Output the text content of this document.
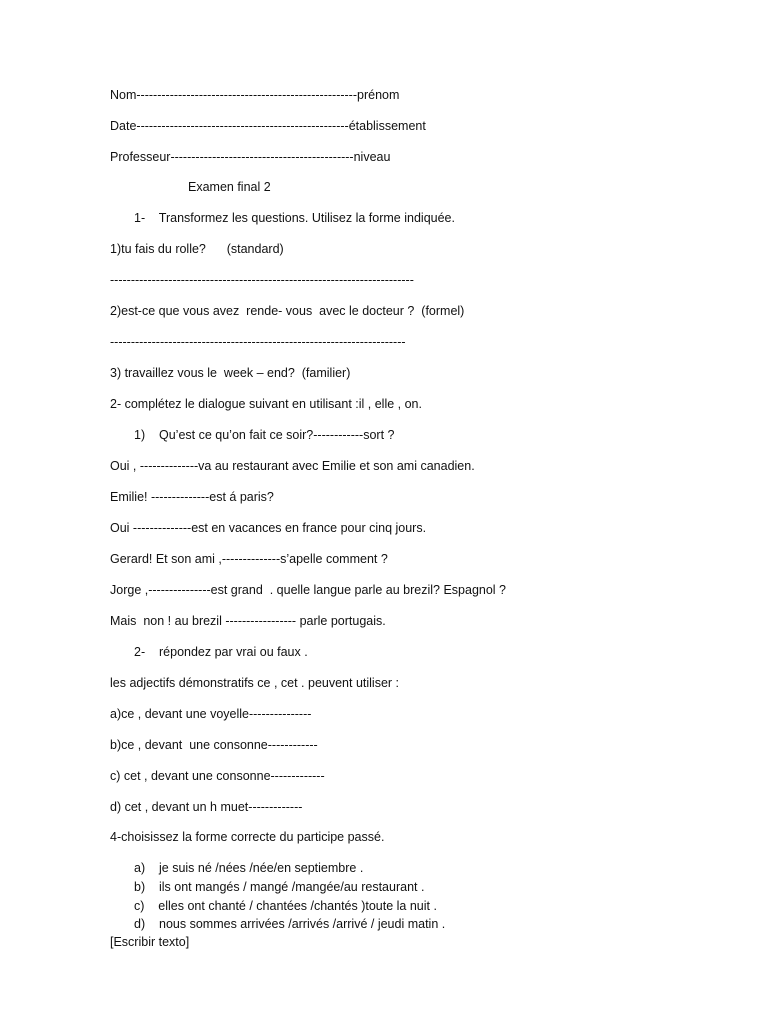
Nom-----------------------------------------------------prénom
Date---------------------------------------------------établissement
Professeur--------------------------------------------niveau
Examen final 2
1-    Transformez les questions. Utilisez la forme indiquée.
1)tu fais du rolle?      (standard)
-------------------------------------------------------------------------
2)est-ce que vous avez  rende- vous  avec le docteur ?  (formel)
-----------------------------------------------------------------------
3) travaillez vous le  week – end?  (familier)
2- complétez le dialogue suivant en utilisant :il , elle , on.
1)    Qu’est ce qu’on fait ce soir?------------sort ?
Oui , --------------va au restaurant avec Emilie et son ami canadien.
Emilie! --------------est á paris?
Oui --------------est en vacances en france pour cinq jours.
Gerard! Et son ami ,--------------s’apelle comment ?
Jorge ,---------------est grand  . quelle langue parle au brezil? Espagnol ?
Mais  non ! au brezil ----------------- parle portugais.
2-    répondez par vrai ou faux .
les adjectifs démonstratifs ce , cet . peuvent utiliser :
a)ce , devant une voyelle---------------
b)ce , devant  une consonne------------
c) cet , devant une consonne-------------
d) cet , devant un h muet-------------
4-choisissez la forme correcte du participe passé.
a)    je suis né /nées /née/en septiembre .
b)    ils ont mangés / mangé /mangée/au restaurant .
c)    elles ont chanté / chantées /chantés )toute la nuit .
d)    nous sommes arrivées /arrivés /arrivé / jeudi matin .
[Escribir texto]
